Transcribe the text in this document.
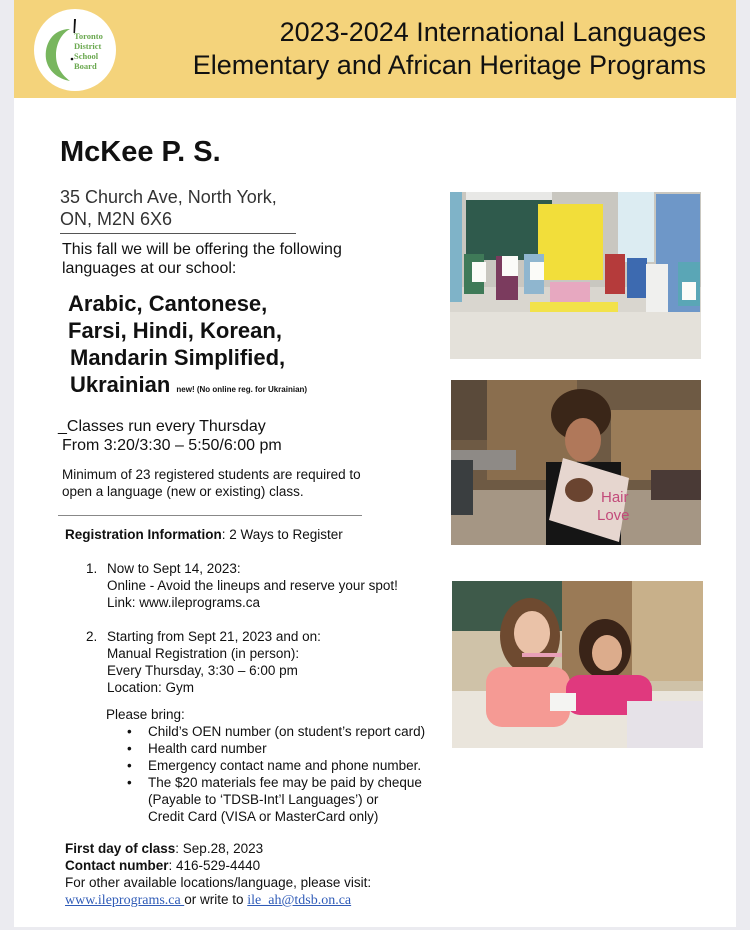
Toronto
District
School
Board
2023-2024 International Languages
Elementary and African Heritage Programs
McKee P. S.
35 Church Ave, North York,
ON, M2N 6X6
This fall we will be offering the following
languages at our school:
Arabic, Cantonese,
Farsi, Hindi, Korean,
Mandarin Simplified,
Ukrainian new! (No online reg. for Ukrainian)
_Classes run every Thursday
From 3:20/3:30 – 5:50/6:00 pm
Minimum of 23 registered students are required to
open a language (new or existing) class.
Registration Information: 2 Ways to Register
1. Now to Sept 14, 2023:
Online - Avoid the lineups and reserve your spot!
Link: www.ileprograms.ca
2. Starting from Sept 21, 2023 and on:
Manual Registration (in person):
Every Thursday, 3:30 – 6:00 pm
Location: Gym
Please bring:
• Child’s OEN number (on student’s report card)
• Health card number
• Emergency contact name and phone number.
• The $20 materials fee may be paid by cheque
(Payable to ‘TDSB-Int’l Languages’) or
Credit Card (VISA or MasterCard only)
First day of class: Sep.28, 2023
Contact number: 416-529-4440
For other available locations/language, please visit:
www.ileprograms.ca or write to ile_ah@tdsb.on.ca
Hair
Love
